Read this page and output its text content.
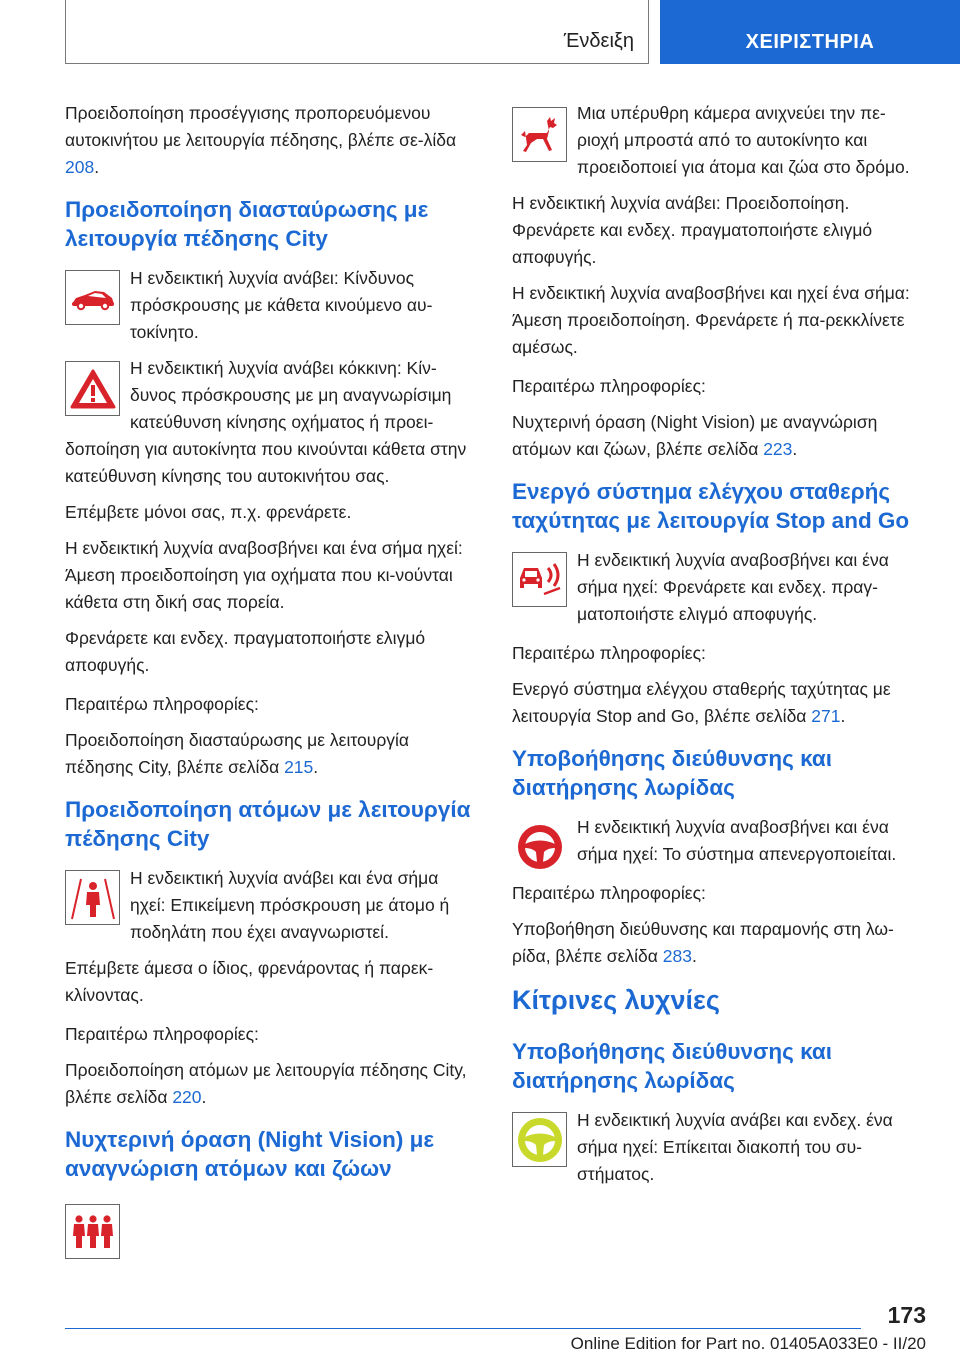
Ένδειξη	ΧΕΙΡΙΣΤΗΡΙΑ

Προειδοποίηση προσέγγισης προπορευόμενου αυτοκινήτου με λειτουργία πέδησης, βλέπε σε-λίδα 208.

Προειδοποίηση διασταύρωσης με λειτουργία πέδησης City

Η ενδεικτική λυχνία ανάβει: Κίνδυνος πρόσκρουσης με κάθετα κινούμενο αυ-τοκίνητο.

Η ενδεικτική λυχνία ανάβει κόκκινη: Κίν-δυνος πρόσκρουσης με μη αναγνωρίσιμη κατεύθυνση κίνησης οχήματος ή προει-δοποίηση για αυτοκίνητα που κινούνται κάθετα στην κατεύθυνση κίνησης του αυτοκινήτου σας.

Επέμβετε μόνοι σας, π.χ. φρενάρετε.

Η ενδεικτική λυχνία αναβοσβήνει και ένα σήμα ηχεί: Άμεση προειδοποίηση για οχήματα που κι-νούνται κάθετα στη δική σας πορεία.

Φρενάρετε και ενδεχ. πραγματοποιήστε ελιγμό αποφυγής.

Περαιτέρω πληροφορίες:

Προειδοποίηση διασταύρωσης με λειτουργία πέδησης City, βλέπε σελίδα 215.

Προειδοποίηση ατόμων με λειτουργία πέδησης City

Η ενδεικτική λυχνία ανάβει και ένα σήμα ηχεί: Επικείμενη πρόσκρουση με άτομο ή ποδηλάτη που έχει αναγνωριστεί.

Επέμβετε άμεσα ο ίδιος, φρενάροντας ή παρεκ-κλίνοντας.

Περαιτέρω πληροφορίες:

Προειδοποίηση ατόμων με λειτουργία πέδησης City, βλέπε σελίδα 220.

Νυχτερινή όραση (Night Vision) με αναγνώριση ατόμων και ζώων

Μια υπέρυθρη κάμερα ανιχνεύει την πε-ριοχή μπροστά από το αυτοκίνητο και προειδοποιεί για άτομα και ζώα στο δρόμο.

Η ενδεικτική λυχνία ανάβει: Προειδοποίηση. Φρενάρετε και ενδεχ. πραγματοποιήστε ελιγμό αποφυγής.

Η ενδεικτική λυχνία αναβοσβήνει και ηχεί ένα σήμα: Άμεση προειδοποίηση. Φρενάρετε ή πα-ρεκκλίνετε αμέσως.

Περαιτέρω πληροφορίες:

Νυχτερινή όραση (Night Vision) με αναγνώριση ατόμων και ζώων, βλέπε σελίδα 223.

Ενεργό σύστημα ελέγχου σταθερής ταχύτητας με λειτουργία Stop and Go

Η ενδεικτική λυχνία αναβοσβήνει και ένα σήμα ηχεί: Φρενάρετε και ενδεχ. πραγ-ματοποιήστε ελιγμό αποφυγής.

Περαιτέρω πληροφορίες:

Ενεργό σύστημα ελέγχου σταθερής ταχύτητας με λειτουργία Stop and Go, βλέπε σελίδα 271.

Υποβοήθησης διεύθυνσης και διατήρησης λωρίδας

Η ενδεικτική λυχνία αναβοσβήνει και ένα σήμα ηχεί: Το σύστημα απενεργοποιείται.

Περαιτέρω πληροφορίες:

Υποβοήθηση διεύθυνσης και παραμονής στη λω-ρίδα, βλέπε σελίδα 283.

Κίτρινες λυχνίες
Υποβοήθησης διεύθυνσης και διατήρησης λωρίδας

Η ενδεικτική λυχνία ανάβει και ενδεχ. ένα σήμα ηχεί: Επίκειται διακοπή του συ-στήματος.

173
Online Edition for Part no. 01405A033E0 - II/20
